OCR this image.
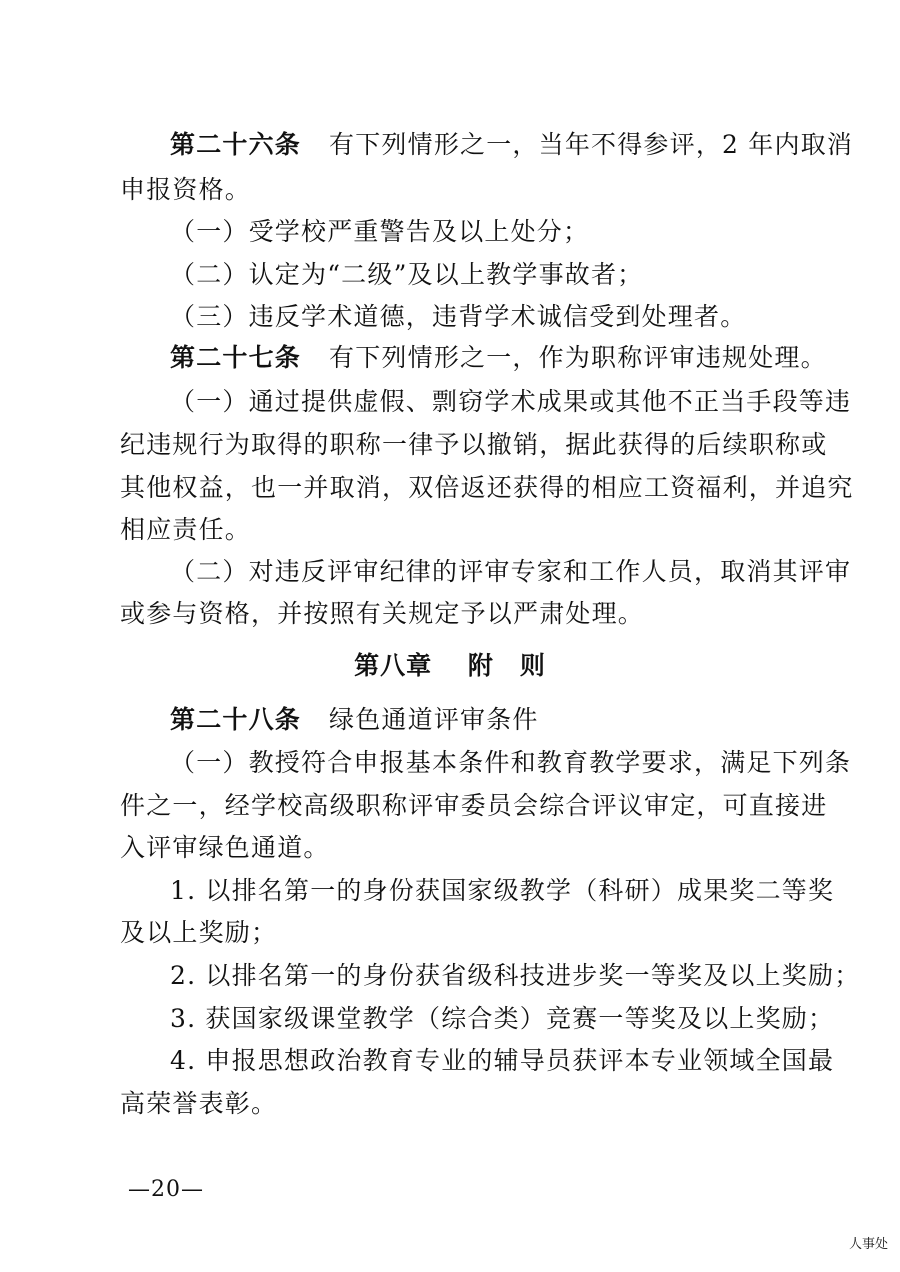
第二十六条 有下列情形之一，当年不得参评，2 年内取消
申报资格。
（一）受学校严重警告及以上处分；
（二）认定为“二级”及以上教学事故者；
（三）违反学术道德，违背学术诚信受到处理者。
第二十七条 有下列情形之一，作为职称评审违规处理。
（一）通过提供虚假、剽窃学术成果或其他不正当手段等违
纪违规行为取得的职称一律予以撤销，据此获得的后续职称或
其他权益，也一并取消，双倍返还获得的相应工资福利，并追究
相应责任。
（二）对违反评审纪律的评审专家和工作人员，取消其评审
或参与资格，并按照有关规定予以严肃处理。
第八章　 附　则
第二十八条 绿色通道评审条件
（一）教授符合申报基本条件和教育教学要求，满足下列条
件之一，经学校高级职称评审委员会综合评议审定，可直接进
入评审绿色通道。
1. 以排名第一的身份获国家级教学（科研）成果奖二等奖
及以上奖励；
2. 以排名第一的身份获省级科技进步奖一等奖及以上奖励；
3. 获国家级课堂教学（综合类）竞赛一等奖及以上奖励；
4. 申报思想政治教育专业的辅导员获评本专业领域全国最
高荣誉表彰。
—20—
人事处
